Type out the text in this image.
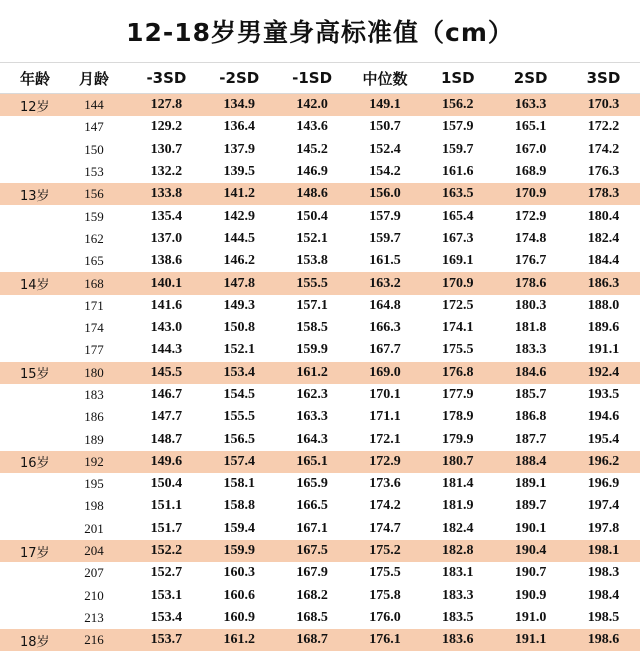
12-18岁男童身高标准值（cm）
年龄	月龄	-3SD	-2SD	-1SD	中位数	1SD	2SD	3SD
12岁	144	127.8	134.9	142.0	149.1	156.2	163.3	170.3
147	129.2	136.4	143.6	150.7	157.9	165.1	172.2
150	130.7	137.9	145.2	152.4	159.7	167.0	174.2
153	132.2	139.5	146.9	154.2	161.6	168.9	176.3
13岁	156	133.8	141.2	148.6	156.0	163.5	170.9	178.3
159	135.4	142.9	150.4	157.9	165.4	172.9	180.4
162	137.0	144.5	152.1	159.7	167.3	174.8	182.4
165	138.6	146.2	153.8	161.5	169.1	176.7	184.4
14岁	168	140.1	147.8	155.5	163.2	170.9	178.6	186.3
171	141.6	149.3	157.1	164.8	172.5	180.3	188.0
174	143.0	150.8	158.5	166.3	174.1	181.8	189.6
177	144.3	152.1	159.9	167.7	175.5	183.3	191.1
15岁	180	145.5	153.4	161.2	169.0	176.8	184.6	192.4
183	146.7	154.5	162.3	170.1	177.9	185.7	193.5
186	147.7	155.5	163.3	171.1	178.9	186.8	194.6
189	148.7	156.5	164.3	172.1	179.9	187.7	195.4
16岁	192	149.6	157.4	165.1	172.9	180.7	188.4	196.2
195	150.4	158.1	165.9	173.6	181.4	189.1	196.9
198	151.1	158.8	166.5	174.2	181.9	189.7	197.4
201	151.7	159.4	167.1	174.7	182.4	190.1	197.8
17岁	204	152.2	159.9	167.5	175.2	182.8	190.4	198.1
207	152.7	160.3	167.9	175.5	183.1	190.7	198.3
210	153.1	160.6	168.2	175.8	183.3	190.9	198.4
213	153.4	160.9	168.5	176.0	183.5	191.0	198.5
18岁	216	153.7	161.2	168.7	176.1	183.6	191.1	198.6
